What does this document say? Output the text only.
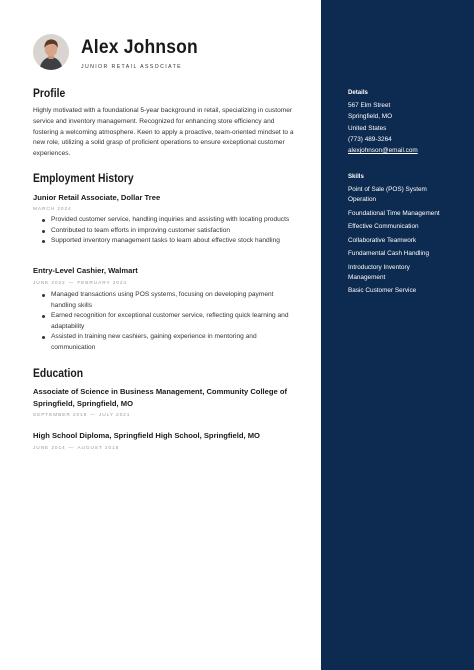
Alex Johnson
JUNIOR RETAIL ASSOCIATE
Profile
Highly motivated with a foundational 5-year background in retail, specializing in customer service and inventory management. Recognized for enhancing store efficiency and fostering a welcoming atmosphere. Keen to apply a proactive, team-oriented mindset to a new role, utilizing a solid grasp of proficient operations to ensure exceptional customer experiences.
Employment History
Junior Retail Associate, Dollar Tree
MARCH 2024
Provided customer service, handling inquiries and assisting with locating products
Contributed to team efforts in improving customer satisfaction
Supported inventory management tasks to learn about effective stock handling
Entry-Level Cashier, Walmart
JUNE 2022 — FEBRUARY 2024
Managed transactions using POS systems, focusing on developing payment handling skills
Earned recognition for exceptional customer service, reflecting quick learning and adaptability
Assisted in training new cashiers, gaining experience in mentoring and communication
Education
Associate of Science in Business Management, Community College of Springfield, Springfield, MO
SEPTEMBER 2018 — JULY 2021
High School Diploma, Springfield High School, Springfield, MO
JUNE 2014 — AUGUST 2018
Details
567 Elm Street
Springfield, MO
United States
(773) 489-3264
alexjohnson@email.com
Skills
Point of Sale (POS) System Operation
Foundational Time Management
Effective Communication
Collaborative Teamwork
Fundamental Cash Handling
Introductory Inventory Management
Basic Customer Service
